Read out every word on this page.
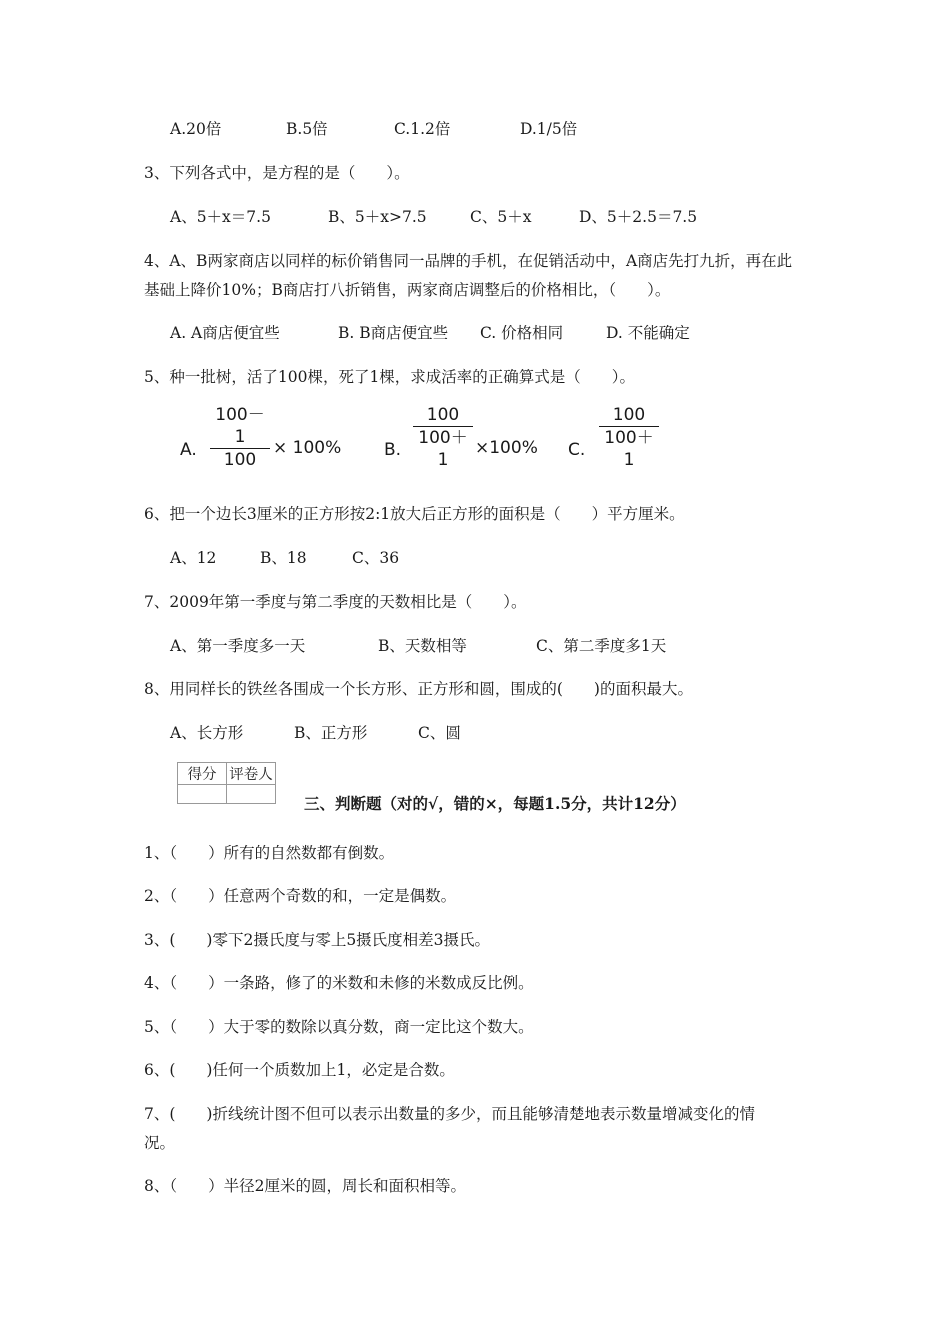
A.20倍	B.5倍	C.1.2倍	D.1/5倍
3、下列各式中，是方程的是（　　）。
A、5＋x＝7.5	B、5＋x>7.5	C、5＋x	D、5＋2.5＝7.5
4、A、B两家商店以同样的标价销售同一品牌的手机，在促销活动中，A商店先打九折，再在此
基础上降价10%；B商店打八折销售，两家商店调整后的价格相比，（　　）。
A. A商店便宜些	B. B商店便宜些 C. 价格相同	D. 不能确定
5、种一批树，活了100棵，死了1棵，求成活率的正确算式是（　　）。
A.
100－1
100
× 100%	B.
100
100＋1
×100% C.
100
100＋1
6、把一个边长3厘米的正方形按2:1放大后正方形的面积是（　　）平方厘米。
A、12	B、18	C、36
7、2009年第一季度与第二季度的天数相比是（　　）。
A、第一季度多一天	B、天数相等	C、第二季度多1天
8、用同样长的铁丝各围成一个长方形、正方形和圆，围成的(　　)的面积最大。
A、长方形	B、正方形	C、圆
得分	评卷人

三、判断题（对的√，错的×，每题1.5分，共计12分）
1、（　　）所有的自然数都有倒数。
2、（　　）任意两个奇数的和，一定是偶数。
3、(　　)零下2摄氏度与零上5摄氏度相差3摄氏。
4、（　　）一条路，修了的米数和未修的米数成反比例。
5、（　　）大于零的数除以真分数，商一定比这个数大。
6、(　　)任何一个质数加上1，必定是合数。
7、(　　)折线统计图不但可以表示出数量的多少，而且能够清楚地表示数量增减变化的情
况。
8、（　　）半径2厘米的圆，周长和面积相等。
